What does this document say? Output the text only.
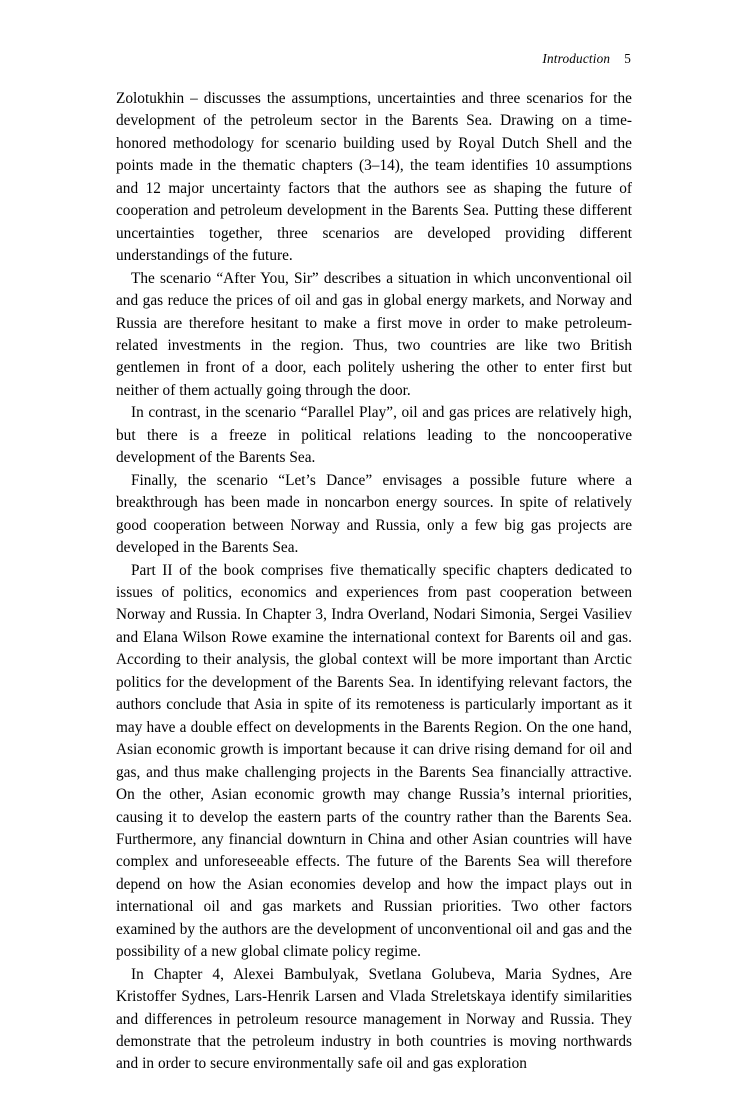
Introduction 5

Zolotukhin – discusses the assumptions, uncertainties and three scenarios for the development of the petroleum sector in the Barents Sea. Drawing on a time-honored methodology for scenario building used by Royal Dutch Shell and the points made in the thematic chapters (3–14), the team identifies 10 assumptions and 12 major uncertainty factors that the authors see as shaping the future of cooperation and petroleum development in the Barents Sea. Putting these different uncertainties together, three scenarios are developed providing different understandings of the future.

The scenario “After You, Sir” describes a situation in which unconventional oil and gas reduce the prices of oil and gas in global energy markets, and Norway and Russia are therefore hesitant to make a first move in order to make petroleum-related investments in the region. Thus, two countries are like two British gentlemen in front of a door, each politely ushering the other to enter first but neither of them actually going through the door.

In contrast, in the scenario “Parallel Play”, oil and gas prices are relatively high, but there is a freeze in political relations leading to the noncooperative development of the Barents Sea.

Finally, the scenario “Let’s Dance” envisages a possible future where a breakthrough has been made in noncarbon energy sources. In spite of relatively good cooperation between Norway and Russia, only a few big gas projects are developed in the Barents Sea.

Part II of the book comprises five thematically specific chapters dedicated to issues of politics, economics and experiences from past cooperation between Norway and Russia. In Chapter 3, Indra Overland, Nodari Simonia, Sergei Vasiliev and Elana Wilson Rowe examine the international context for Barents oil and gas. According to their analysis, the global context will be more important than Arctic politics for the development of the Barents Sea. In identifying relevant factors, the authors conclude that Asia in spite of its remoteness is particularly important as it may have a double effect on developments in the Barents Region. On the one hand, Asian economic growth is important because it can drive rising demand for oil and gas, and thus make challenging projects in the Barents Sea financially attractive. On the other, Asian economic growth may change Russia’s internal priorities, causing it to develop the eastern parts of the country rather than the Barents Sea. Furthermore, any financial downturn in China and other Asian countries will have complex and unforeseeable effects. The future of the Barents Sea will therefore depend on how the Asian economies develop and how the impact plays out in international oil and gas markets and Russian priorities. Two other factors examined by the authors are the development of unconventional oil and gas and the possibility of a new global climate policy regime.

In Chapter 4, Alexei Bambulyak, Svetlana Golubeva, Maria Sydnes, Are Kristoffer Sydnes, Lars-Henrik Larsen and Vlada Streletskaya identify similarities and differences in petroleum resource management in Norway and Russia. They demonstrate that the petroleum industry in both countries is moving northwards and in order to secure environmentally safe oil and gas exploration
